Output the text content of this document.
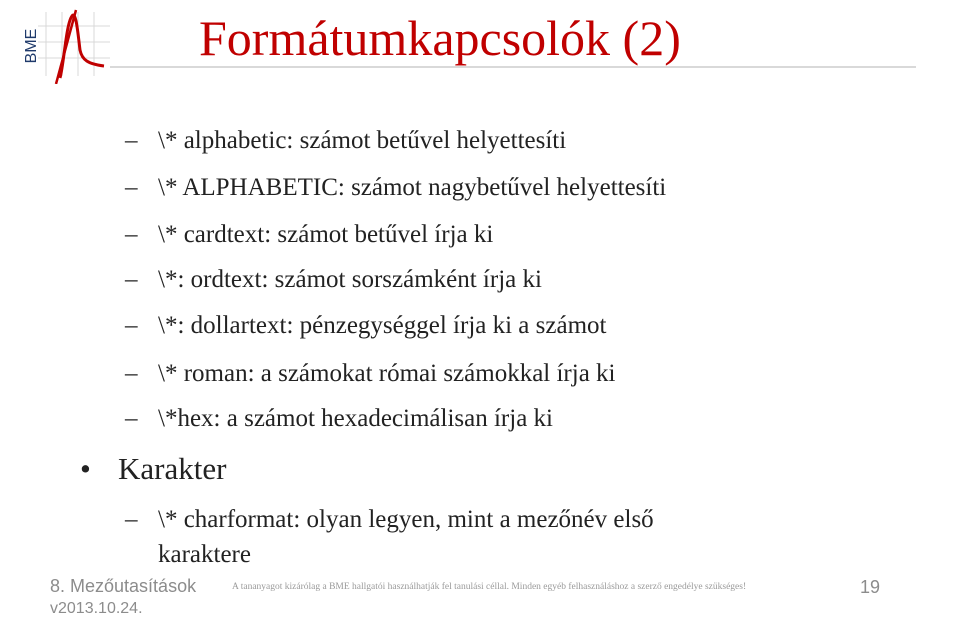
BME	Formátumkapcsolók (2)
– \* alphabetic: számot betűvel helyettesíti
– \* ALPHABETIC: számot nagybetűvel helyettesíti
– \* cardtext: számot betűvel írja ki
– \*: ordtext: számot sorszámként írja ki
– \*: dollartext: pénzegységgel írja ki a számot
– \* roman: a számokat római számokkal írja ki
– \*hex: a számot hexadecimálisan írja ki
• Karakter
– \* charformat: olyan legyen, mint a mezőnév első
karaktere
8. Mezőutasítások	A tananyagot kizárólag a BME hallgatói használhatják fel tanulási céllal. Minden egyéb felhasználáshoz a szerző engedélye szükséges!	19
v2013.10.24.
